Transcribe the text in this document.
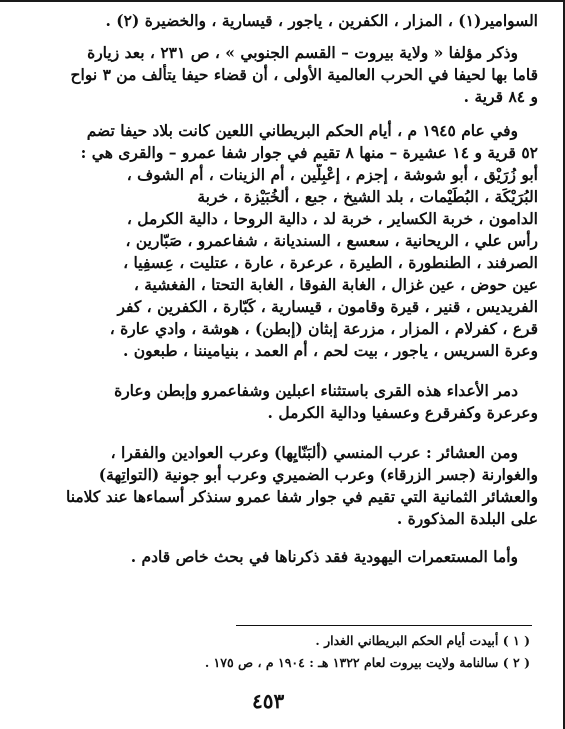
السوامير(١) ، المزار ، الكفرين ، ياجور ، قيسارية ، والخضيرة (٢) .
وذكر مؤلفا « ولاية بيروت – القسم الجنوبي » ، ص ٢٣١ ، بعد زيارة
قاما بها لحيفا في الحرب العالمية الأولى ، أن قضاء حيفا يتألف من ٣ نواح
و ٨٤ قرية .
وفي عام ١٩٤٥ م ، أيام الحكم البريطاني اللعين كانت بلاد حيفا تضم
٥٢ قرية و ١٤ عشيرة – منها ٨ تقيم في جوار شفا عمرو – والقرى هي :
أبو زُرَيْق ، أبو شوشة ، إجزم ، إعْبِلّين ، أم الزينات ، أم الشوف ،
البُرَيْكَة ، البُطَيْمات ، بلد الشيخ ، جبع ، ألخُبَيْزة ، خربة
الدامون ، خربة الكساير ، خربة لد ، دالية الروحا ، دالية الكرمل ،
رأس علي ، الريحانية ، سعسع ، السنديانة ، شفاعمرو ، صَبّارين ،
الصرفند ، الطنطورة ، الطيرة ، عرعرة ، عارة ، عتليت ، عِسفِيا ،
عين حوض ، عين غزال ، الغابة الفوقا ، الغابة التحتا ، الفغشية ،
الفريديس ، قنير ، قيرة وقامون ، قيسارية ، كَبّارة ، الكفرين ، كفر
قرع ، كفرلام ، المزار ، مزرعة إبثان (إبطن) ، هوشة ، وادي عارة ،
وعرة السريس ، ياجور ، بيت لحم ، أم العمد ، بنياميننا ، طبعون .
دمر الأعداء هذه القرى باستثناء اعبلين وشفاعمرو وإبطن وعارة
وعرعرة وكفرقرع وعسفيا ودالية الكرمل .
ومن العشائر : عرب المنسي (ألبَنّايِها) وعرب العوادين والفقرا ،
والغوارنة (جسر الزرقاء) وعرب الضميري وعرب أبو جونية (التواتِهة)
والعشائر الثمانية التي تقيم في جوار شفا عمرو سنذكر أسماءها عند كلامنا
على البلدة المذكورة .
وأما المستعمرات اليهودية فقد ذكرناها في بحث خاص قادم .
( ١ ) أبيدت أيام الحكم البريطاني الغدار .
( ٢ ) سالنامة ولايت بيروت لعام ١٣٢٢ هـ : ١٩٠٤ م ، ص ١٧٥ .
٤٥٣
